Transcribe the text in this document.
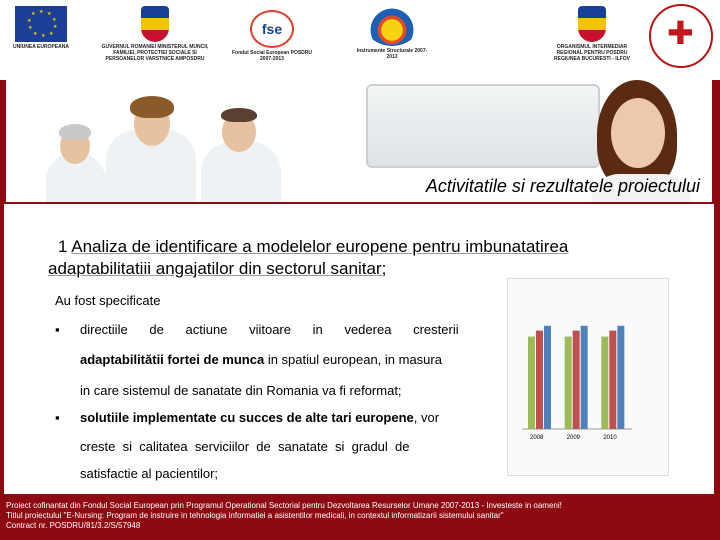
★ ★
★
★
★
★
★
★
★
★
UNIUNEA EUROPEANA	GUVERNUL ROMANIEI MINISTERUL MUNCII, FAMILIEI, PROTECTIEI SOCIALE SI PERSOANELOR VARSTNICE AMPOSDRU
fse
Fondul Social European POSDRU 2007-2013
Instrumente Structurale 2007-2013
ORGANISMUL INTERMEDIAR REGIONAL PENTRU POSDRU REGIUNEA BUCURESTI - ILFOV
✚
Activitatile si rezultatele proiectului
1 Analiza de identificare a modelelor europene pentru imbunatatirea
adaptabilitatiii angajatilor din sectorul sanitar;
Au fost specificate
▪ directiile      de      actiune      viitoare      in      vederea      cresterii
adaptabilitătii fortei de munca in spatiul european, in masura
in care sistemul de sanatate din Romania va fi reformat;
▪ solutiile implementate cu succes de alte tari europene, vor
creste  si  calitatea  serviciilor  de  sanatate  si  gradul  de
satisfactie al pacientilor;
2008	2009	2010
Proiect cofinantat din Fondul Social European prin Programul Operational Sectorial pentru Dezvoltarea Resurselor Umane 2007-2013 - Investeste in oameni!
Titlul proiectului "E-Nursing: Program de instruire in tehnologia informatiei a asistentilor medicali, in contextul informatizarii sistemului sanitar"
Contract nr. POSDRU/81/3.2/S/57948
